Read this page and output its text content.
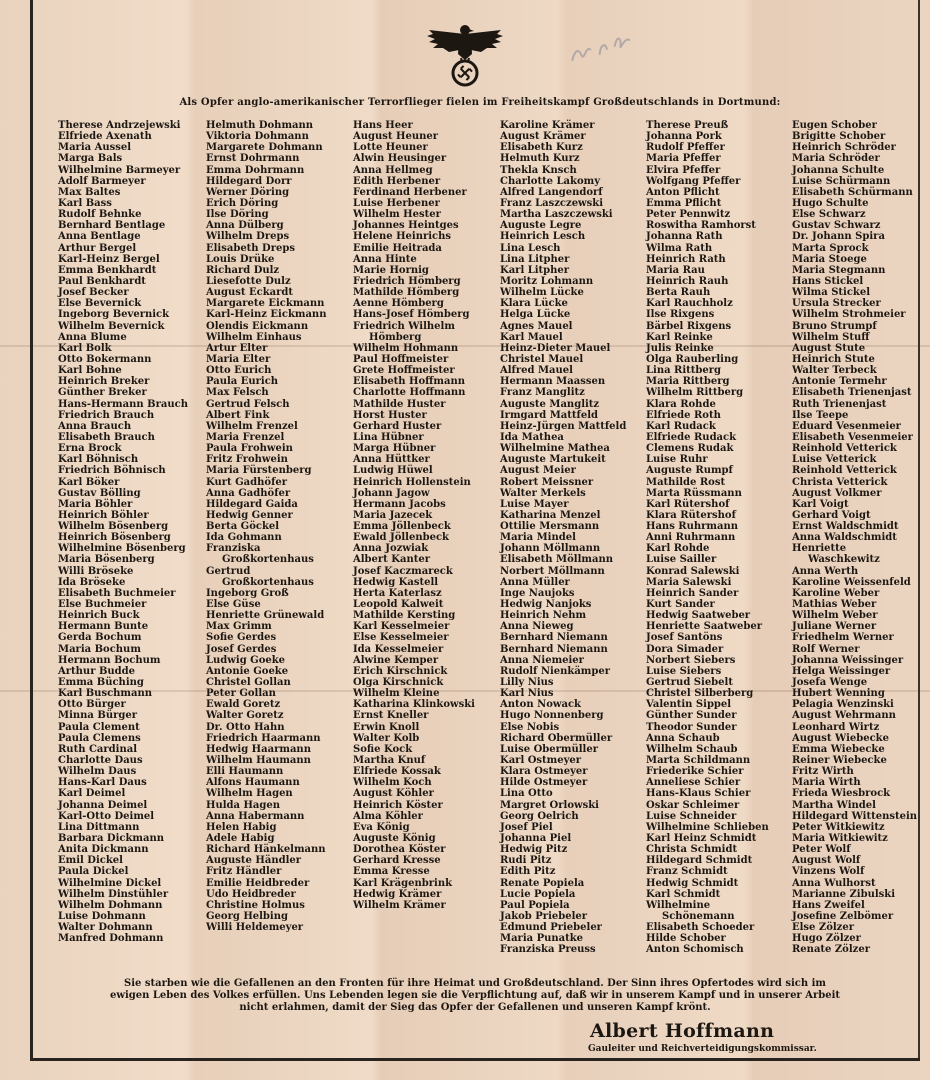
Als Opfer anglo-amerikanischer Terrorflieger fielen im Freiheitskampf Großdeutschlands in Dortmund:
Therese Andrzejewski
Elfriede Axenath
Maria Aussel
Marga Bals
Wilhelmine Barmeyer
Adolf Barmeyer
Max Baltes
Karl Bass
Rudolf Behnke
Bernhard Bentlage
Anna Bentlage
Arthur Bergel
Karl-Heinz Bergel
Emma Benkhardt
Paul Benkhardt
Josef Becker
Else Bevernick
Ingeborg Bevernick
Wilhelm Bevernick
Anna Blume
Karl Bolk
Otto Bokermann
Karl Bohne
Heinrich Breker
Günther Breker
Hans-Hermann Brauch
Friedrich Brauch
Anna Brauch
Elisabeth Brauch
Erna Brock
Karl Böhnisch
Friedrich Böhnisch
Karl Böker
Gustav Bölling
Maria Böhler
Heinrich Böhler
Wilhelm Bösenberg
Heinrich Bösenberg
Wilhelmine Bösenberg
Maria Bösenberg
Willi Bröseke
Ida Bröseke
Elisabeth Buchmeier
Else Buchmeier
Heinrich Buck
Hermann Bunte
Gerda Bochum
Maria Bochum
Hermann Bochum
Arthur Budde
Emma Büching
Karl Buschmann
Otto Bürger
Minna Bürger
Paula Clement
Paula Clemens
Ruth Cardinal
Charlotte Daus
Wilhelm Daus
Hans-Karl Daus
Karl Deimel
Johanna Deimel
Karl-Otto Deimel
Lina Dittmann
Barbara Dickmann
Anita Dickmann
Emil Dickel
Paula Dickel
Wilhelmine Dickel
Wilhelm Dinstühler
Wilhelm Dohmann
Luise Dohmann
Walter Dohmann
Manfred Dohmann
Helmuth Dohmann
Viktoria Dohmann
Margarete Dohmann
Ernst Dohrmann
Emma Dohrmann
Hildegard Dorr
Werner Döring
Erich Döring
Ilse Döring
Anna Dülberg
Wilhelm Dreps
Elisabeth Dreps
Louis Drüke
Richard Dulz
Liesefotte Dulz
August Eckardt
Margarete Eickmann
Karl-Heinz Eickmann
Olendis Eickmann
Wilhelm Einhaus
Artur Elter
Maria Elter
Otto Eurich
Paula Eurich
Max Felsch
Gertrud Felsch
Albert Fink
Wilhelm Frenzel
Maria Frenzel
Paula Frohwein
Fritz Frohwein
Maria Fürstenberg
Kurt Gadhöfer
Anna Gadhöfer
Hildegard Gaida
Hedwig Genner
Berta Göckel
Ida Gohmann
Franziska
Großkortenhaus
Gertrud
Großkortenhaus
Ingeborg Groß
Else Güse
Henriette Grünewald
Max Grimm
Sofie Gerdes
Josef Gerdes
Ludwig Goeke
Antonie Goeke
Christel Gollan
Peter Gollan
Ewald Goretz
Walter Goretz
Dr. Otto Hahn
Friedrich Haarmann
Hedwig Haarmann
Wilhelm Haumann
Elli Haumann
Alfons Haumann
Wilhelm Hagen
Hulda Hagen
Anna Habermann
Helen Habig
Adele Habig
Richard Hänkelmann
Auguste Händler
Fritz Händler
Emilie Heidbreder
Udo Heidbreder
Christine Holmus
Georg Helbing
Willi Heldemeyer
Hans Heer
August Heuner
Lotte Heuner
Alwin Heusinger
Anna Hellmeg
Edith Herbener
Ferdinand Herbener
Luise Herbener
Wilhelm Hester
Johannes Heintges
Helene Heinrichs
Emilie Heitrada
Anna Hinte
Marie Hornig
Friedrich Hömberg
Mathilde Hömberg
Aenne Hömberg
Hans-Josef Hömberg
Friedrich Wilhelm
Hömberg
Wilhelm Hohmann
Paul Hoffmeister
Grete Hoffmeister
Elisabeth Hoffmann
Charlotte Hoffmann
Mathilde Huster
Horst Huster
Gerhard Huster
Lina Hübner
Marga Hübner
Anna Hüttker
Ludwig Hüwel
Heinrich Hollenstein
Johann Jagow
Hermann Jacobs
Maria Jazecek
Emma Jöllenbeck
Ewald Jöllenbeck
Anna Jozwiak
Albert Kanter
Josef Kaczmareck
Hedwig Kastell
Herta Katerlasz
Leopold Kalweit
Mathilde Kersting
Karl Kesselmeier
Else Kesselmeier
Ida Kesselmeier
Alwine Kemper
Erich Kirschnick
Olga Kirschnick
Wilhelm Kleine
Katharina Klinkowski
Ernst Kneller
Erwin Knoll
Walter Kolb
Sofie Kock
Martha Knuf
Elfriede Kossak
Wilhelm Koch
August Köhler
Heinrich Köster
Alma Köhler
Eva König
Auguste König
Dorothea Köster
Gerhard Kresse
Emma Kresse
Karl Krägenbrink
Hedwig Krämer
Wilhelm Krämer
Karoline Krämer
August Krämer
Elisabeth Kurz
Helmuth Kurz
Thekla Knsch
Charlotte Lakomy
Alfred Langendorf
Franz Laszczewski
Martha Laszczewski
Auguste Legre
Heinrich Lesch
Lina Lesch
Lina Litpher
Karl Litpher
Moritz Lohmann
Wilhelm Lücke
Klara Lücke
Helga Lücke
Agnes Mauel
Karl Mauel
Heinz-Dieter Mauel
Christel Mauel
Alfred Mauel
Hermann Maassen
Franz Manglitz
Auguste Manglitz
Irmgard Mattfeld
Heinz-Jürgen Mattfeld
Ida Mathea
Wilhelmine Mathea
Auguste Martukeit
August Meier
Robert Meissner
Walter Merkels
Luise Mayer
Katharina Menzel
Ottilie Mersmann
Maria Mindel
Johann Möllmann
Elisabeth Möllmann
Norbert Möllmann
Anna Müller
Inge Naujoks
Hedwig Nanjoks
Heinrich Nehm
Anna Nieweg
Bernhard Niemann
Bernhard Niemann
Anna Niemeier
Rudolf Nienkämper
Lilly Nius
Karl Nius
Anton Nowack
Hugo Nonnenberg
Else Nobis
Richard Obermüller
Luise Obermüller
Karl Ostmeyer
Klara Ostmeyer
Hilde Ostmeyer
Lina Otto
Margret Orlowski
Georg Oelrich
Josef Piel
Johanna Piel
Hedwig Pitz
Rudi Pitz
Edith Pitz
Renate Popiela
Lucie Popiela
Paul Popiela
Jakob Priebeler
Edmund Priebeler
Maria Punatke
Franziska Preuss
Therese Preuß
Johanna Pork
Rudolf Pfeffer
Maria Pfeffer
Elvira Pfeffer
Wolfgang Pfeffer
Anton Pflicht
Emma Pflicht
Peter Pennwitz
Roswitha Ramhorst
Johanna Rath
Wilma Rath
Heinrich Rath
Maria Rau
Heinrich Rauh
Berta Rauh
Karl Rauchholz
Ilse Rixgens
Bärbel Rixgens
Karl Reinke
Julis Reinke
Olga Rauberling
Lina Rittberg
Maria Rittberg
Wilhelm Rittberg
Klara Rohde
Elfriede Roth
Karl Rudack
Elfriede Rudack
Clemens Rudak
Luise Ruhr
Auguste Rumpf
Mathilde Rost
Marta Rüssmann
Karl Rütershof
Klara Rütershof
Hans Ruhrmann
Anni Ruhrmann
Karl Rohde
Luise Sailler
Konrad Salewski
Maria Salewski
Heinrich Sander
Kurt Sander
Hedwig Saatweber
Henriette Saatweber
Josef Santöns
Dora Simader
Norbert Siebers
Luise Siebers
Gertrud Siebelt
Christel Silberberg
Valentin Sippel
Günther Sunder
Theodor Sunder
Anna Schaub
Wilhelm Schaub
Marta Schildmann
Friederike Schier
Anneliese Schier
Hans-Klaus Schier
Oskar Schleimer
Luise Schneider
Wilhelmine Schlieben
Karl Heinz Schmidt
Christa Schmidt
Hildegard Schmidt
Franz Schmidt
Hedwig Schmidt
Karl Schmidt
Wilhelmine
Schönemann
Elisabeth Schoeder
Hilde Schober
Anton Schomisch
Eugen Schober
Brigitte Schober
Heinrich Schröder
Maria Schröder
Johanna Schulte
Luise Schürmann
Elisabeth Schürmann
Hugo Schulte
Else Schwarz
Gustav Schwarz
Dr. Johann Spira
Marta Sprock
Maria Stoege
Maria Stegmann
Hans Stickel
Wilma Stickel
Ursula Strecker
Wilhelm Strohmeier
Bruno Strumpf
Wilhelm Stuff
August Stute
Heinrich Stute
Walter Terbeck
Antonie Termehr
Elisabeth Trienenjast
Ruth Trienenjast
Ilse Teepe
Eduard Vesenmeier
Elisabeth Vesenmeier
Reinhold Vetterick
Luise Vetterick
Reinhold Vetterick
Christa Vetterick
August Volkmer
Karl Voigt
Gerhard Voigt
Ernst Waldschmidt
Anna Waldschmidt
Henriette
Waschkewitz
Anna Werth
Karoline Weissenfeld
Karoline Weber
Mathias Weber
Wilhelm Weber
Juliane Werner
Friedhelm Werner
Rolf Werner
Johanna Weissinger
Helga Weissinger
Josefa Wenge
Hubert Wenning
Pelagia Wenzinski
August Wehrmann
Leonhard Wirtz
August Wiebecke
Emma Wiebecke
Reiner Wiebecke
Fritz Wirth
Maria Wirth
Frieda Wiesbrock
Martha Windel
Hildegard Wittenstein
Peter Witkiewitz
Maria Witkiewitz
Peter Wolf
August Wolf
Vinzens Wolf
Anna Wulhorst
Marianne Zibulski
Hans Zweifel
Josefine Zelbömer
Else Zölzer
Hugo Zölzer
Renate Zölzer
Sie starben wie die Gefallenen an den Fronten für ihre Heimat und Großdeutschland. Der Sinn ihres Opfertodes wird sich im ewigen Leben des Volkes erfüllen. Uns Lebenden legen sie die Verpflichtung auf, daß wir in unserem Kampf und in unserer Arbeit nicht erlahmen, damit der Sieg das Opfer der Gefallenen und unseren Kampf krönt.
Albert Hoffmann
Gauleiter und Reichverteidigungskommissar.
